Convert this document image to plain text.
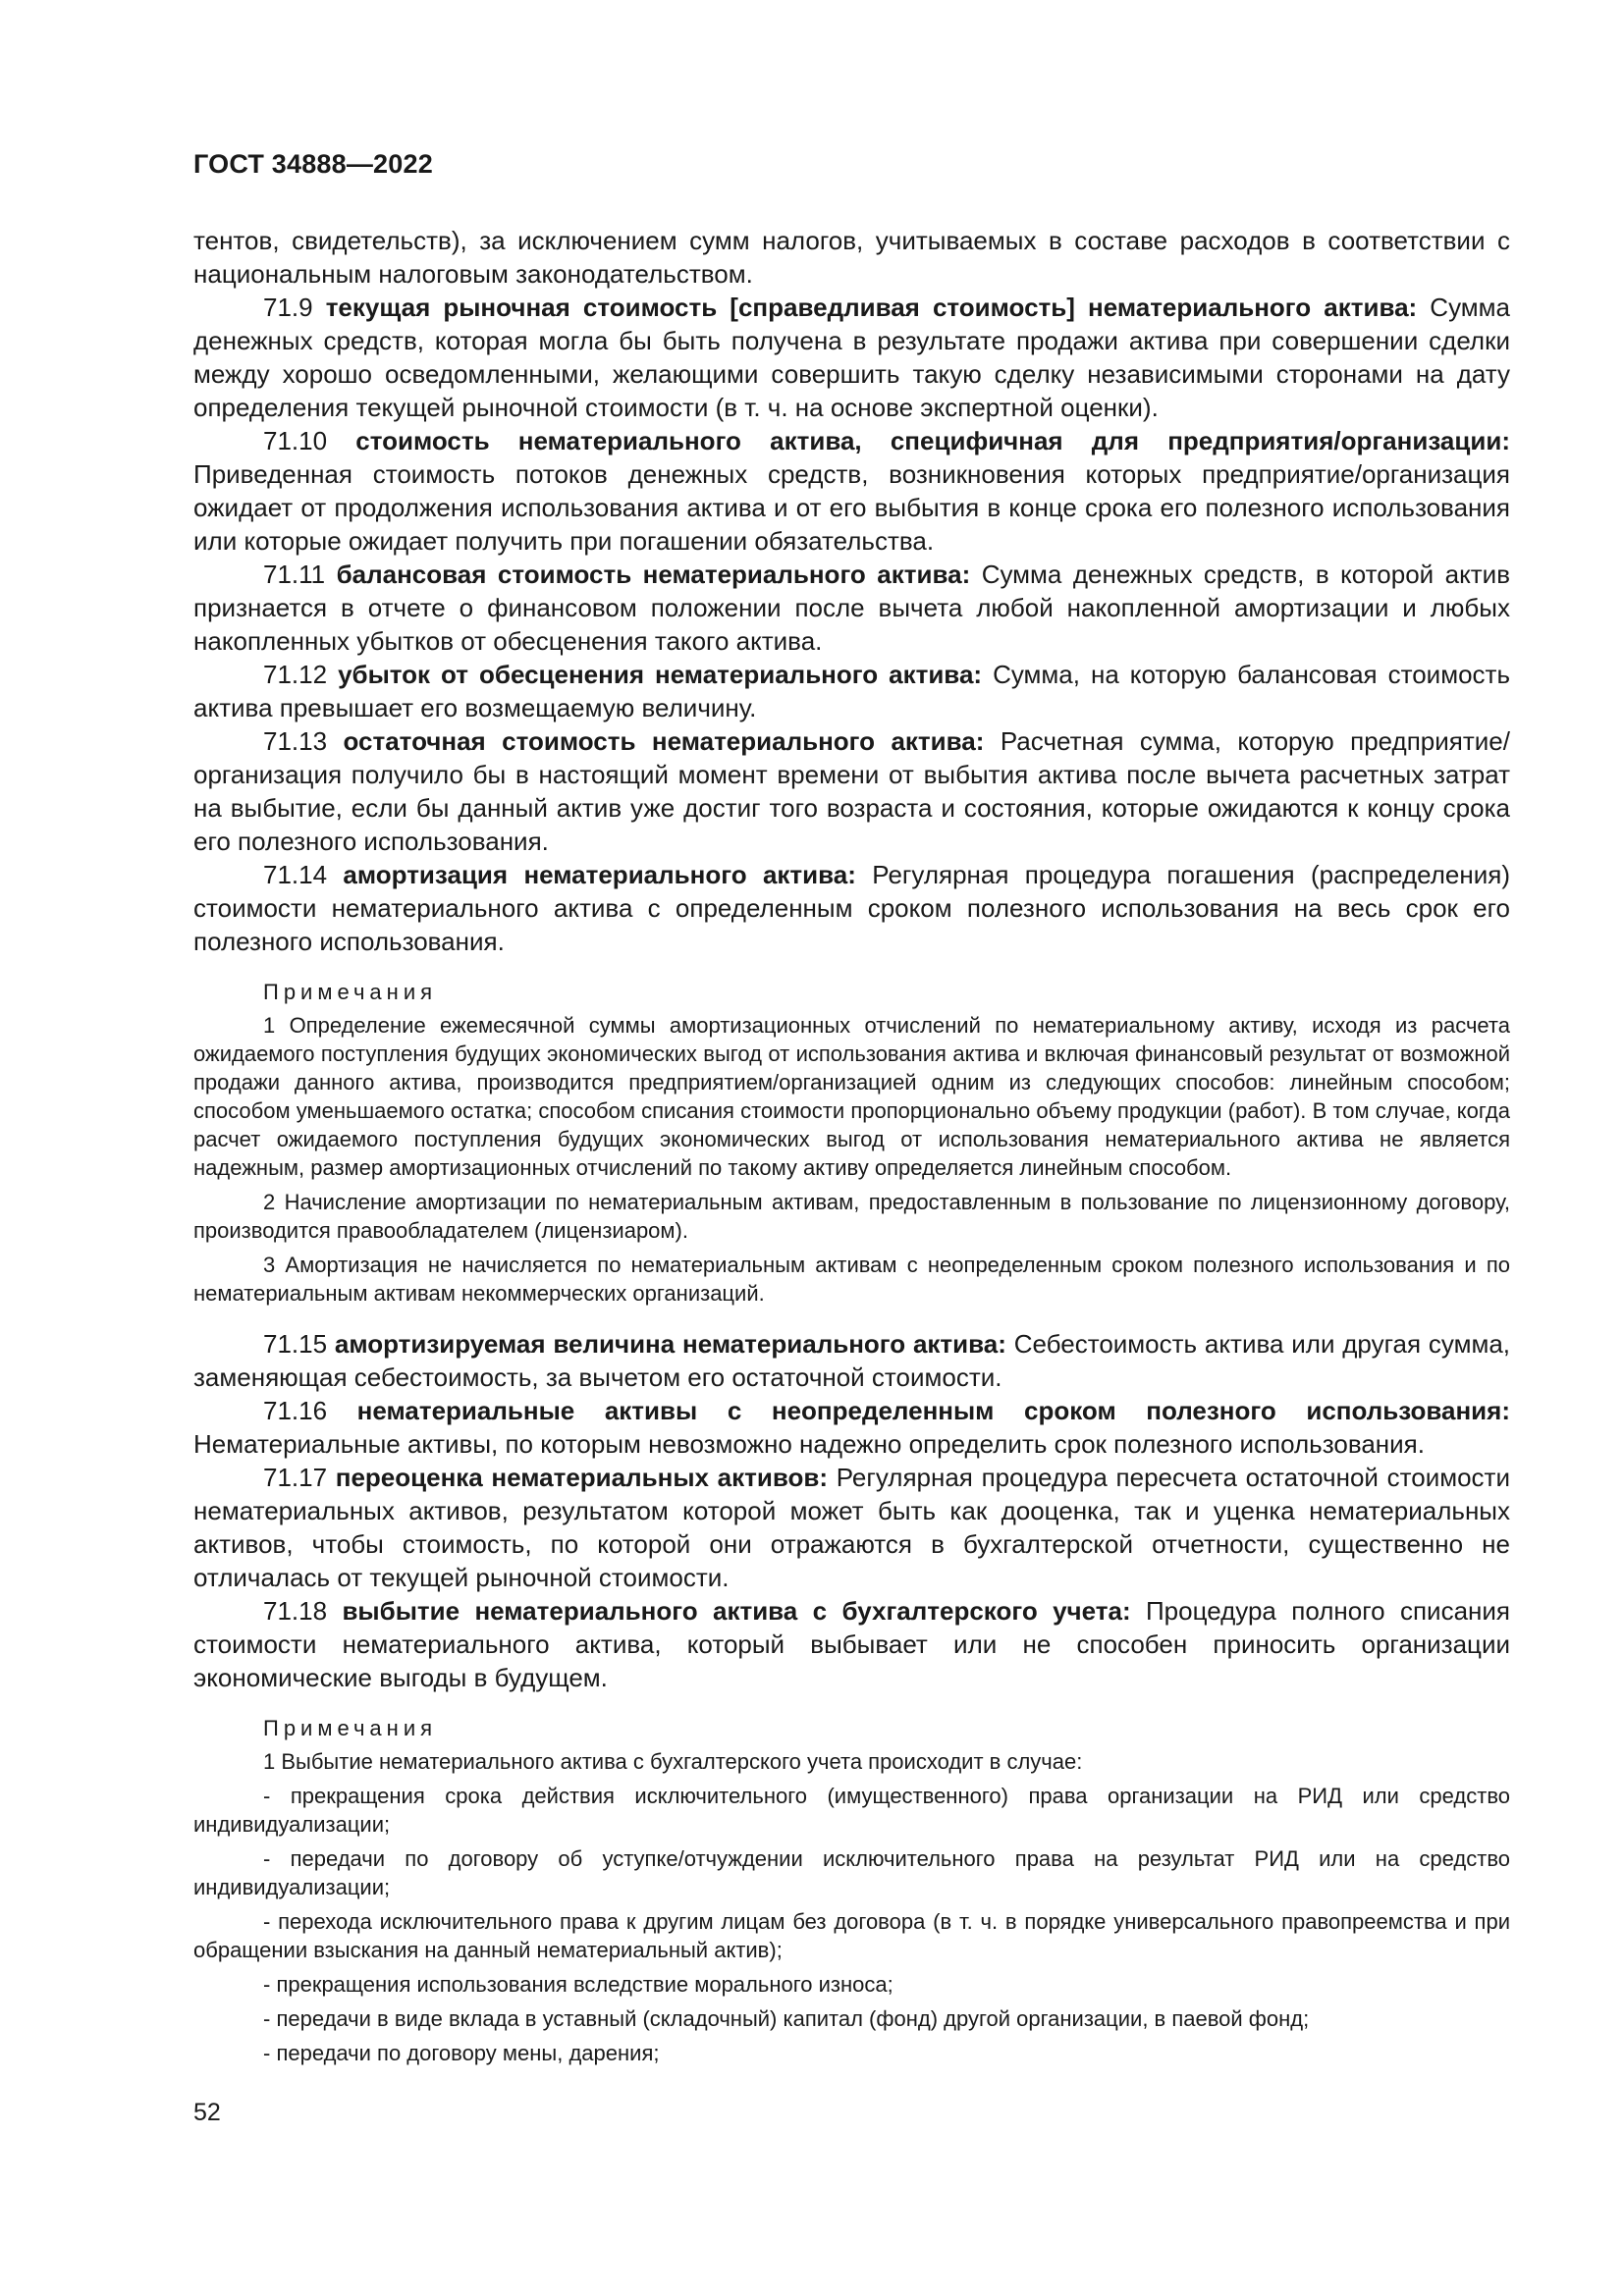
ГОСТ 34888—2022

тентов, свидетельств), за исключением сумм налогов, учитываемых в составе расходов в соответствии с национальным налоговым законодательством.

71.9 текущая рыночная стоимость [справедливая стоимость] нематериального актива: Сумма денежных средств, которая могла бы быть получена в результате продажи актива при совершении сделки между хорошо осведомленными, желающими совершить такую сделку независимыми сторонами на дату определения текущей рыночной стоимости (в т. ч. на основе экспертной оценки).

71.10 стоимость нематериального актива, специфичная для предприятия/организации: Приведенная стоимость потоков денежных средств, возникновения которых предприятие/организация ожидает от продолжения использования актива и от его выбытия в конце срока его полезного использования или которые ожидает получить при погашении обязательства.

71.11 балансовая стоимость нематериального актива: Сумма денежных средств, в которой актив признается в отчете о финансовом положении после вычета любой накопленной амортизации и любых накопленных убытков от обесценения такого актива.

71.12 убыток от обесценения нематериального актива: Сумма, на которую балансовая стоимость актива превышает его возмещаемую величину.

71.13 остаточная стоимость нематериального актива: Расчетная сумма, которую предприятие/организация получило бы в настоящий момент времени от выбытия актива после вычета расчетных затрат на выбытие, если бы данный актив уже достиг того возраста и состояния, которые ожидаются к концу срока его полезного использования.

71.14 амортизация нематериального актива: Регулярная процедура погашения (распределения) стоимости нематериального актива с определенным сроком полезного использования на весь срок его полезного использования.

Примечания

1 Определение ежемесячной суммы амортизационных отчислений по нематериальному активу, исходя из расчета ожидаемого поступления будущих экономических выгод от использования актива и включая финансовый результат от возможной продажи данного актива, производится предприятием/организацией одним из следующих способов: линейным способом; способом уменьшаемого остатка; способом списания стоимости пропорционально объему продукции (работ). В том случае, когда расчет ожидаемого поступления будущих экономических выгод от использования нематериального актива не является надежным, размер амортизационных отчислений по такому активу определяется линейным способом.

2 Начисление амортизации по нематериальным активам, предоставленным в пользование по лицензионному договору, производится правообладателем (лицензиаром).

3 Амортизация не начисляется по нематериальным активам с неопределенным сроком полезного использования и по нематериальным активам некоммерческих организаций.

71.15 амортизируемая величина нематериального актива: Себестоимость актива или другая сумма, заменяющая себестоимость, за вычетом его остаточной стоимости.

71.16 нематериальные активы с неопределенным сроком полезного использования: Нематериальные активы, по которым невозможно надежно определить срок полезного использования.

71.17 переоценка нематериальных активов: Регулярная процедура пересчета остаточной стоимости нематериальных активов, результатом которой может быть как дооценка, так и уценка нематериальных активов, чтобы стоимость, по которой они отражаются в бухгалтерской отчетности, существенно не отличалась от текущей рыночной стоимости.

71.18 выбытие нематериального актива с бухгалтерского учета: Процедура полного списания стоимости нематериального актива, который выбывает или не способен приносить организации экономические выгоды в будущем.

Примечания

1 Выбытие нематериального актива с бухгалтерского учета происходит в случае:

- прекращения срока действия исключительного (имущественного) права организации на РИД или средство индивидуализации;
- передачи по договору об уступке/отчуждении исключительного права на результат РИД или на средство индивидуализации;
- перехода исключительного права к другим лицам без договора (в т. ч. в порядке универсального правопреемства и при обращении взыскания на данный нематериальный актив);
- прекращения использования вследствие морального износа;
- передачи в виде вклада в уставный (складочный) капитал (фонд) другой организации, в паевой фонд;
- передачи по договору мены, дарения;
52
